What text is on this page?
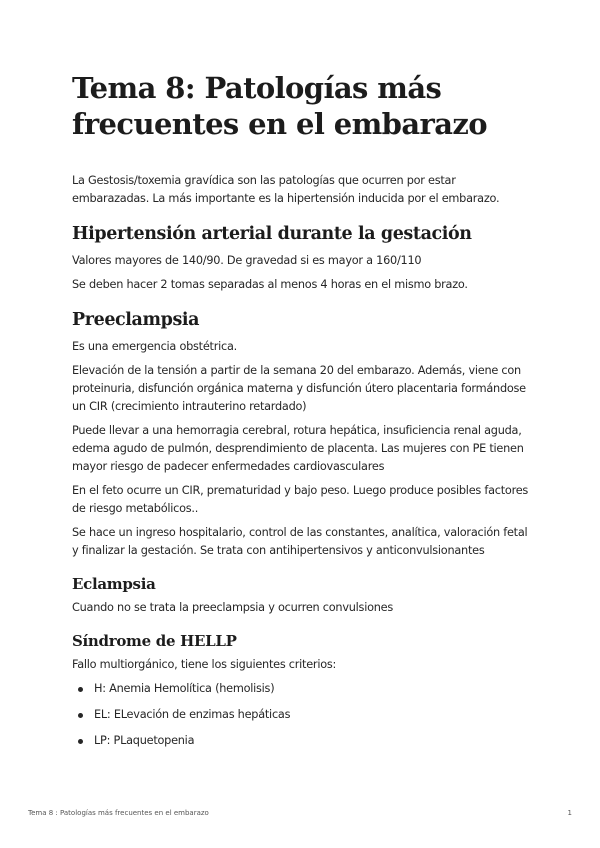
Tema 8: Patologías más frecuentes en el embarazo

La Gestosis/toxemia gravídica son las patologías que ocurren por estar embarazadas. La más importante es la hipertensión inducida por el embarazo.

Hipertensión arterial durante la gestación

Valores mayores de 140/90. De gravedad si es mayor a 160/110

Se deben hacer 2 tomas separadas al menos 4 horas en el mismo brazo.

Preeclampsia

Es una emergencia obstétrica.

Elevación de la tensión a partir de la semana 20 del embarazo. Además, viene con proteinuria, disfunción orgánica materna y disfunción útero placentaria formándose un CIR (crecimiento intrauterino retardado)

Puede llevar a una hemorragia cerebral, rotura hepática, insuficiencia renal aguda, edema agudo de pulmón, desprendimiento de placenta. Las mujeres con PE tienen mayor riesgo de padecer enfermedades cardiovasculares

En el feto ocurre un CIR, prematuridad y bajo peso. Luego produce posibles factores de riesgo metabólicos..

Se hace un ingreso hospitalario, control de las constantes, analítica, valoración fetal y finalizar la gestación. Se trata con antihipertensivos y anticonvulsionantes

Eclampsia

Cuando no se trata la preeclampsia y ocurren convulsiones

Síndrome de HELLP

Fallo multiorgánico, tiene los siguientes criterios:

H: Anemia Hemolítica (hemolisis)
EL: ELevación de enzimas hepáticas
LP: PLaquetopenia
Tema 8 : Patologías más frecuentes en el embarazo	1
